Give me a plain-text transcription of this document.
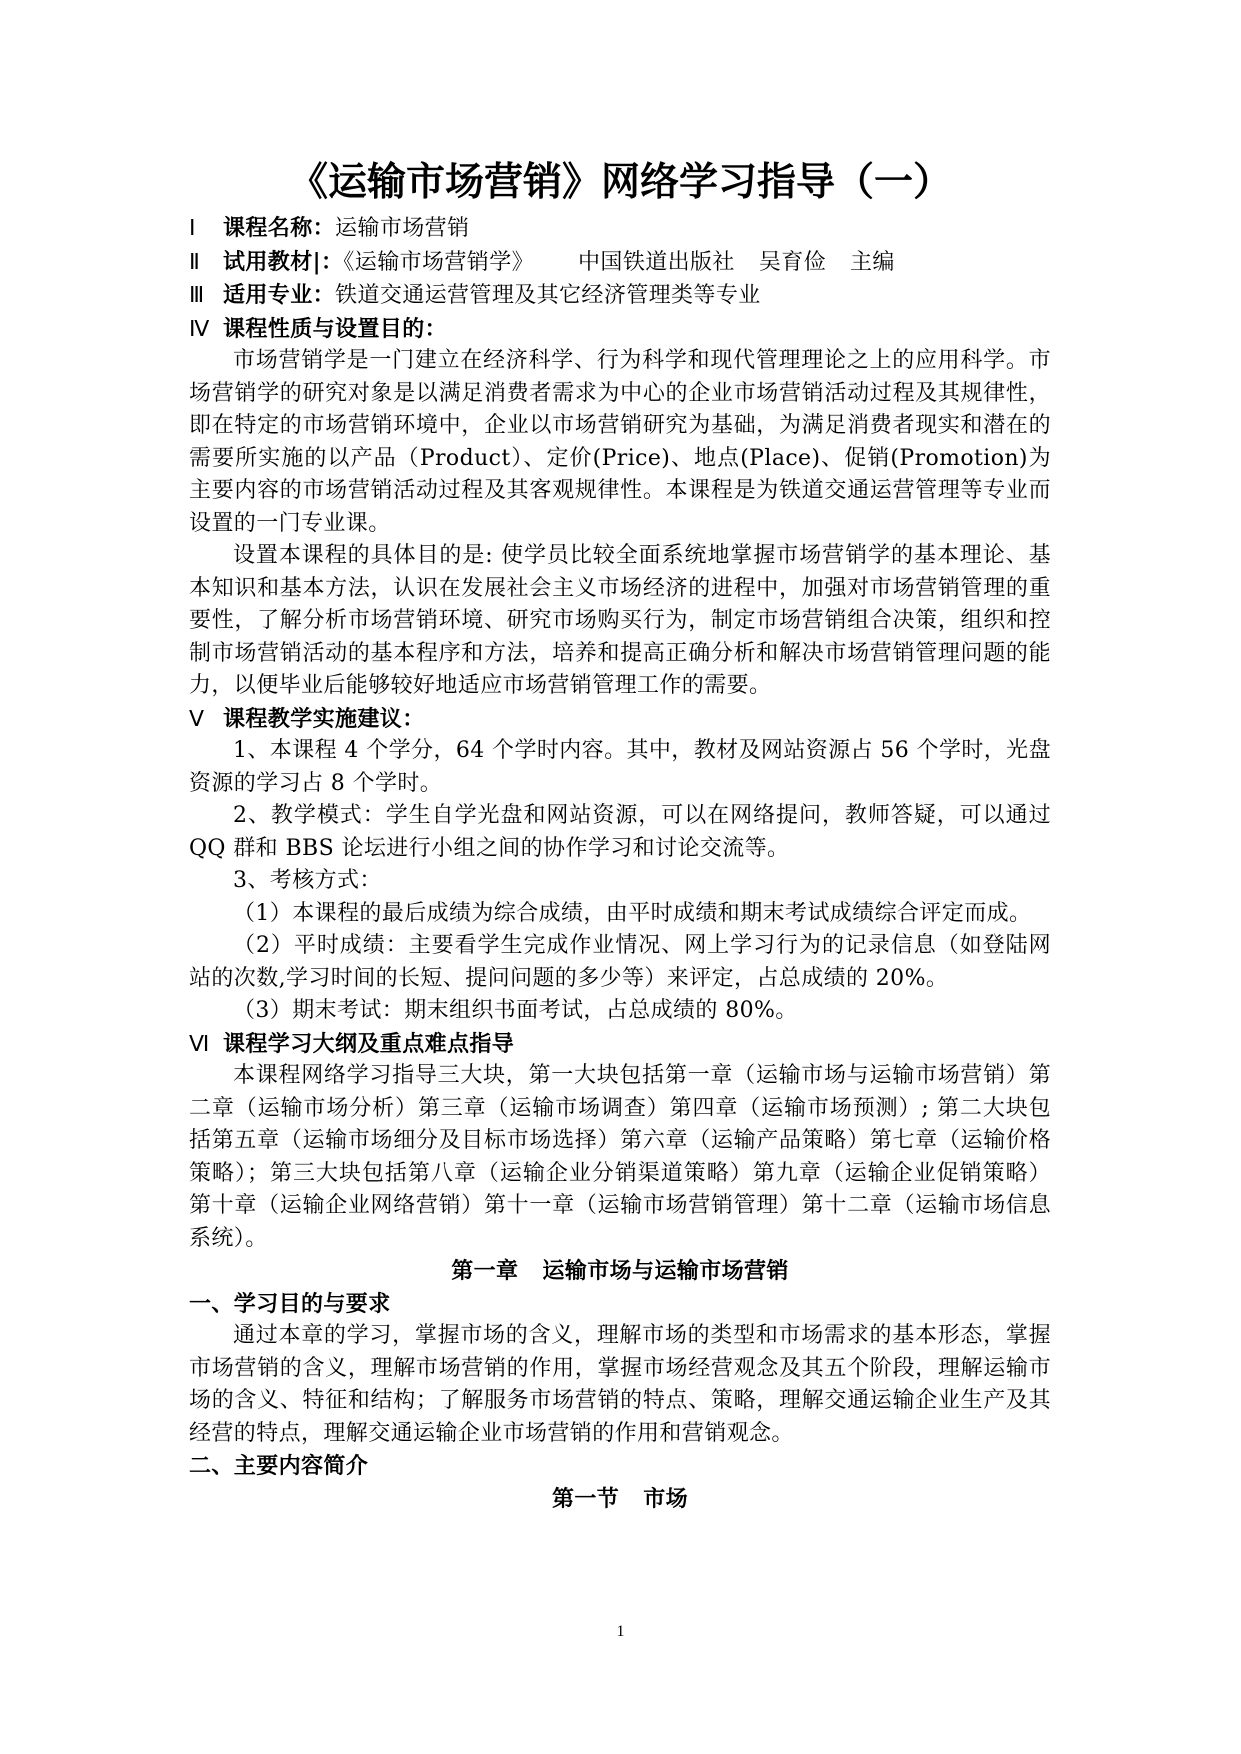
《运输市场营销》网络学习指导（一）

Ⅰ 课程名称：运输市场营销

Ⅱ 试用教材|：《运输市场营销学》 中国铁道出版社 吴育俭 主编

Ⅲ 适用专业：铁道交通运营管理及其它经济管理类等专业

Ⅳ 课程性质与设置目的：

市场营销学是一门建立在经济科学、行为科学和现代管理理论之上的应用科学。市场营销学的研究对象是以满足消费者需求为中心的企业市场营销活动过程及其规律性，即在特定的市场营销环境中，企业以市场营销研究为基础，为满足消费者现实和潜在的需要所实施的以产品（Product）、定价(Price)、地点(Place)、促销(Promotion)为主要内容的市场营销活动过程及其客观规律性。本课程是为铁道交通运营管理等专业而设置的一门专业课。

设置本课程的具体目的是: 使学员比较全面系统地掌握市场营销学的基本理论、基本知识和基本方法，认识在发展社会主义市场经济的进程中，加强对市场营销管理的重要性，了解分析市场营销环境、研究市场购买行为，制定市场营销组合决策，组织和控制市场营销活动的基本程序和方法，培养和提高正确分析和解决市场营销管理问题的能力，以便毕业后能够较好地适应市场营销管理工作的需要。

Ⅴ 课程教学实施建议：

1、本课程 4 个学分，64 个学时内容。其中，教材及网站资源占 56 个学时，光盘资源的学习占 8 个学时。

2、教学模式：学生自学光盘和网站资源，可以在网络提问，教师答疑，可以通过 QQ 群和 BBS 论坛进行小组之间的协作学习和讨论交流等。

3、考核方式：

（1）本课程的最后成绩为综合成绩，由平时成绩和期末考试成绩综合评定而成。

（2）平时成绩：主要看学生完成作业情况、网上学习行为的记录信息（如登陆网站的次数,学习时间的长短、提问问题的多少等）来评定，占总成绩的 20%。

（3）期末考试：期末组织书面考试，占总成绩的 80%。

Ⅵ 课程学习大纲及重点难点指导

本课程网络学习指导三大块，第一大块包括第一章（运输市场与运输市场营销）第二章（运输市场分析）第三章（运输市场调查）第四章（运输市场预测）; 第二大块包括第五章（运输市场细分及目标市场选择）第六章（运输产品策略）第七章（运输价格策略）；第三大块包括第八章（运输企业分销渠道策略）第九章（运输企业促销策略）第十章（运输企业网络营销）第十一章（运输市场营销管理）第十二章（运输市场信息系统）。

第一章 运输市场与运输市场营销

一、学习目的与要求

通过本章的学习，掌握市场的含义，理解市场的类型和市场需求的基本形态，掌握市场营销的含义，理解市场营销的作用，掌握市场经营观念及其五个阶段，理解运输市场的含义、特征和结构；了解服务市场营销的特点、策略，理解交通运输企业生产及其经营的特点，理解交通运输企业市场营销的作用和营销观念。

二、主要内容简介

第一节 市场

1
